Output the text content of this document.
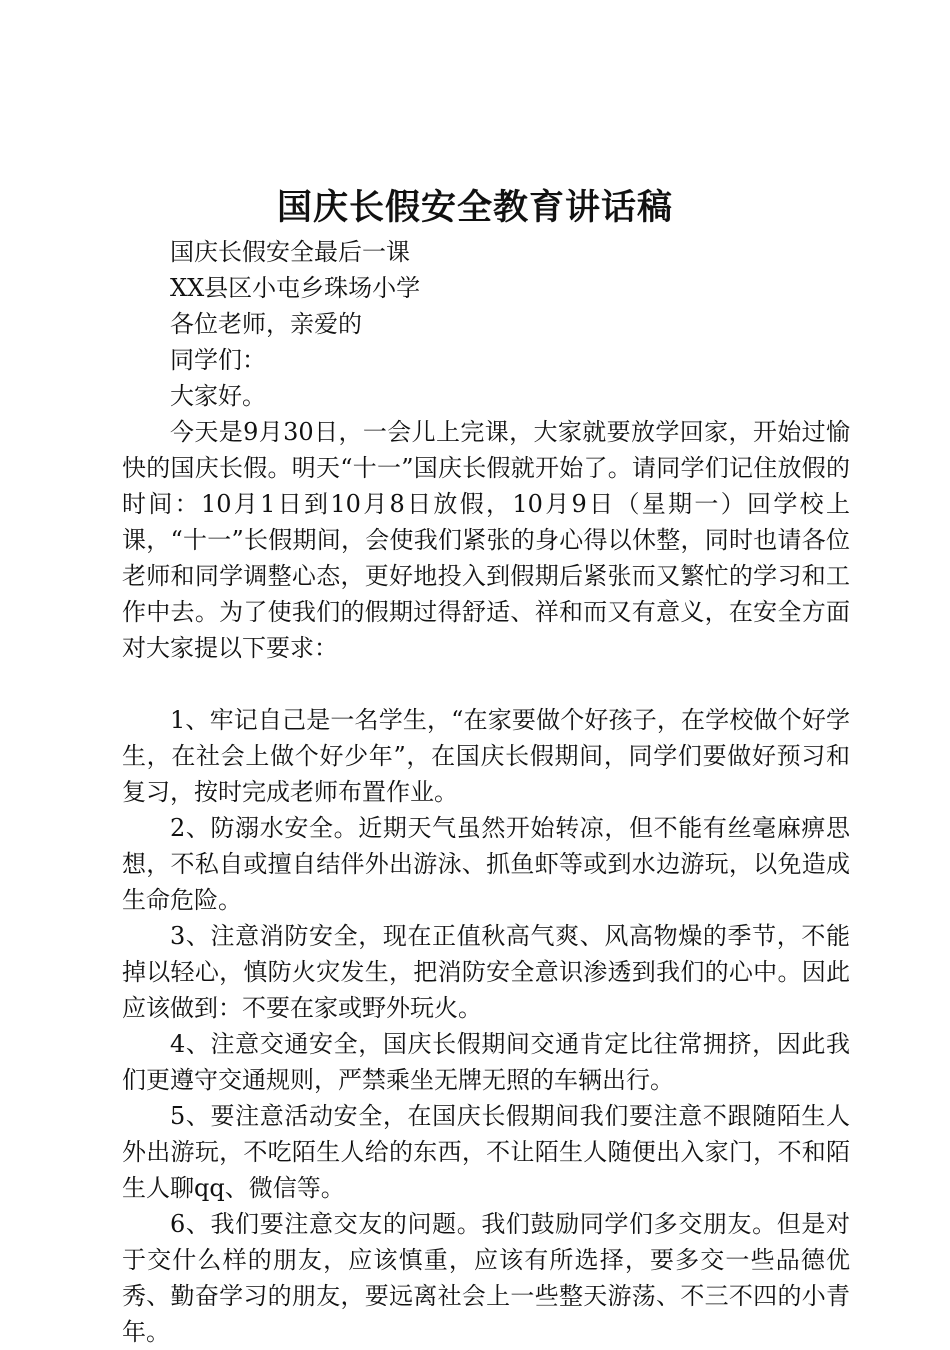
国庆长假安全教育讲话稿

国庆长假安全最后一课

XX县区小屯乡珠场小学

各位老师，亲爱的

同学们：

大家好。

今天是9月30日，一会儿上完课，大家就要放学回家，开始过愉快的国庆长假。明天“十一”国庆长假就开始了。请同学们记住放假的时间：10月1日到10月8日放假，10月9日（星期一）回学校上课，“十一”长假期间，会使我们紧张的身心得以休整，同时也请各位老师和同学调整心态，更好地投入到假期后紧张而又繁忙的学习和工作中去。为了使我们的假期过得舒适、祥和而又有意义，在安全方面对大家提以下要求：

1、牢记自己是一名学生，“在家要做个好孩子，在学校做个好学生，在社会上做个好少年”，在国庆长假期间，同学们要做好预习和复习，按时完成老师布置作业。

2、防溺水安全。近期天气虽然开始转凉，但不能有丝毫麻痹思想，不私自或擅自结伴外出游泳、抓鱼虾等或到水边游玩，以免造成生命危险。

3、注意消防安全，现在正值秋高气爽、风高物燥的季节，不能掉以轻心，慎防火灾发生，把消防安全意识渗透到我们的心中。因此应该做到：不要在家或野外玩火。

4、注意交通安全，国庆长假期间交通肯定比往常拥挤，因此我们更遵守交通规则，严禁乘坐无牌无照的车辆出行。

5、要注意活动安全，在国庆长假期间我们要注意不跟随陌生人外出游玩，不吃陌生人给的东西，不让陌生人随便出入家门，不和陌生人聊qq、微信等。

6、我们要注意交友的问题。我们鼓励同学们多交朋友。但是对于交什么样的朋友，应该慎重，应该有所选择，要多交一些品德优秀、勤奋学习的朋友，要远离社会上一些整天游荡、不三不四的小青年。
